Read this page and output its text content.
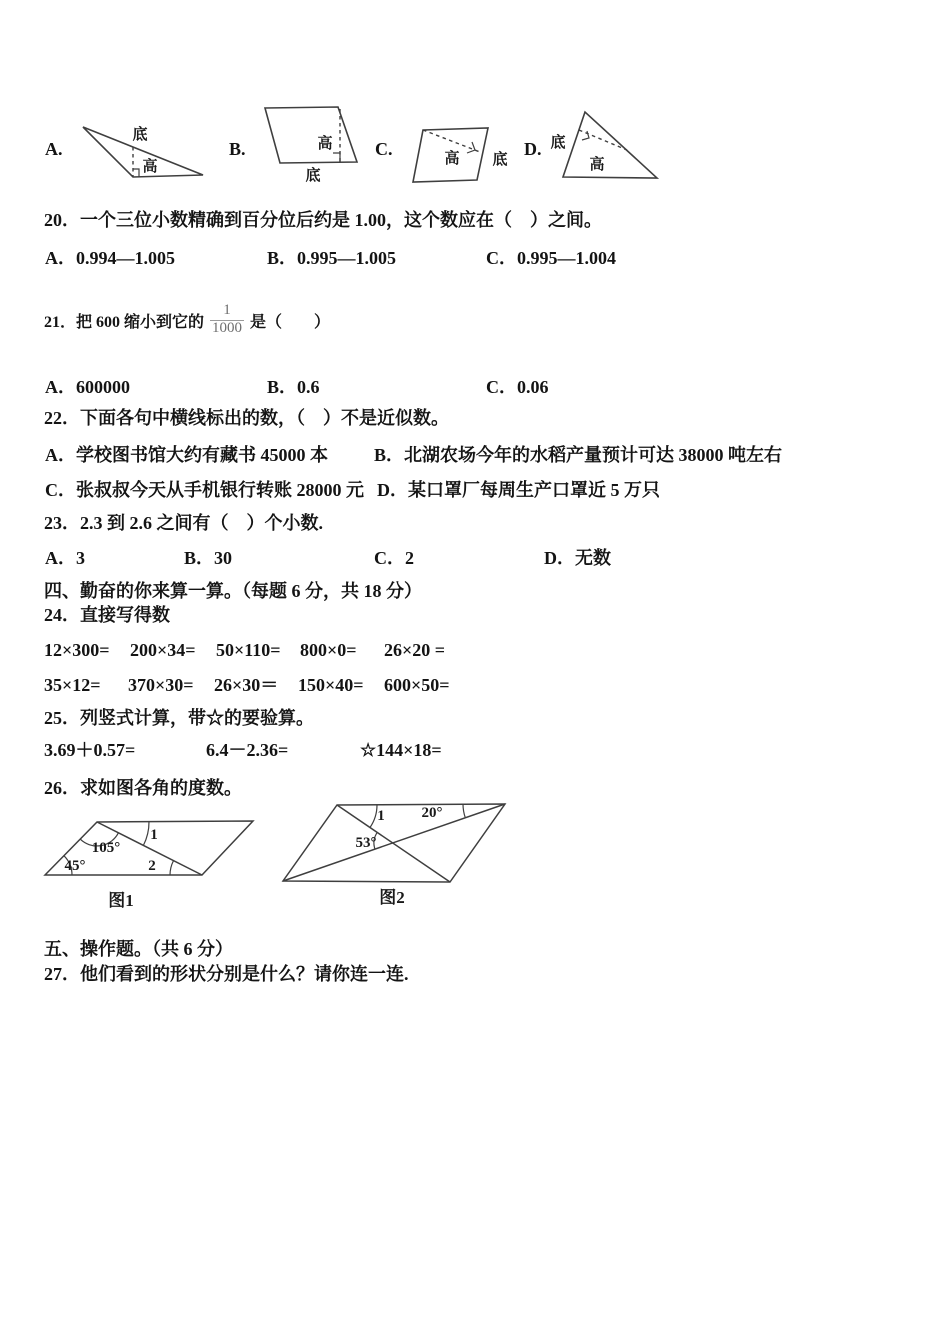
A.
底
高
B.	高
底
C.	高 底
D. 底
高
20．一个三位小数精确到百分位后约是 1.00，这个数应在（　）之间。
A．0.994—1.005	B．0.995—1.005	C．0.995—1.004
21．把 600 缩小到它的 $\frac{1}{1000}$ 是（　　）
A．600000	B．0.6	C．0.06
22．下面各句中横线标出的数，（　）不是近似数。
A．学校图书馆大约有藏书 45000 本	B．北湖农场今年的水稻产量预计可达 38000 吨左右
C．张叔叔今天从手机银行转账 28000 元 D．某口罩厂每周生产口罩近 5 万只
23．2.3 到 2.6 之间有（　）个小数.
A．3	B．30	C．2	D．无数
四、勤奋的你来算一算。（每题 6 分，共 18 分）
24．直接写得数
12×300= 200×34= 50×110= 800×0= 26×20 =
35×12= 370×30= 26×30＝ 150×40= 600×50=
25．列竖式计算，带☆的要验算。
3.69＋0.57=	6.4－2.36=	☆144×18=
26．求如图各角的度数。
105°
45°
1
2
图1
1 20°
53°
图2
五、操作题。（共 6 分）
27．他们看到的形状分别是什么？请你连一连.
